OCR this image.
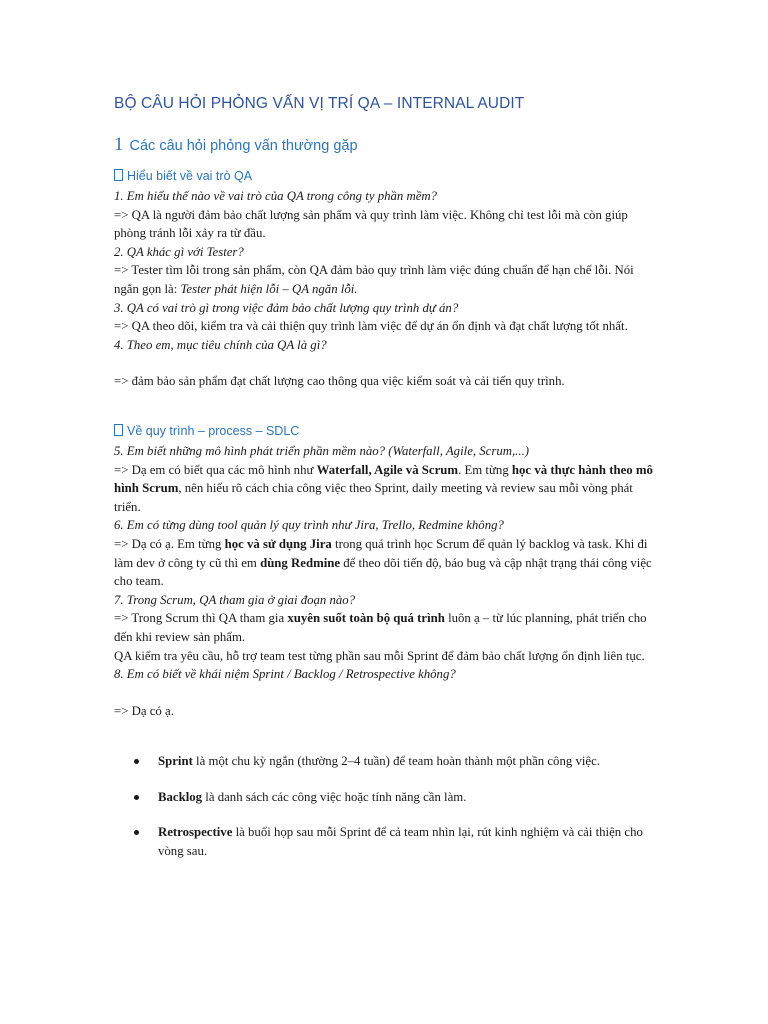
BỘ CÂU HỎI PHỎNG VẤN VỊ TRÍ QA – INTERNAL AUDIT
1 Các câu hỏi phỏng vấn thường gặp
Hiểu biết về vai trò QA

1. Em hiểu thế nào về vai trò của QA trong công ty phần mềm?

=> QA là người đảm bảo chất lượng sản phẩm và quy trình làm việc. Không chỉ test lỗi mà còn giúp phòng tránh lỗi xảy ra từ đầu.

2. QA khác gì với Tester?

=> Tester tìm lỗi trong sản phẩm, còn QA đảm bảo quy trình làm việc đúng chuẩn để hạn chế lỗi. Nói ngắn gọn là: Tester phát hiện lỗi – QA ngăn lỗi.

3. QA có vai trò gì trong việc đảm bảo chất lượng quy trình dự án?

=> QA theo dõi, kiểm tra và cải thiện quy trình làm việc để dự án ổn định và đạt chất lượng tốt nhất.

4. Theo em, mục tiêu chính của QA là gì?

=> đảm bảo sản phẩm đạt chất lượng cao thông qua việc kiểm soát và cải tiến quy trình.

Về quy trình – process – SDLC

5. Em biết những mô hình phát triển phần mềm nào? (Waterfall, Agile, Scrum,...)

=> Dạ em có biết qua các mô hình như Waterfall, Agile và Scrum. Em từng học và thực hành theo mô hình Scrum, nên hiểu rõ cách chia công việc theo Sprint, daily meeting và review sau mỗi vòng phát triển.

6. Em có từng dùng tool quản lý quy trình như Jira, Trello, Redmine không?

=> Dạ có ạ. Em từng học và sử dụng Jira trong quá trình học Scrum để quản lý backlog và task. Khi đi làm dev ở công ty cũ thì em dùng Redmine để theo dõi tiến độ, báo bug và cập nhật trạng thái công việc cho team.

7. Trong Scrum, QA tham gia ở giai đoạn nào?

=> Trong Scrum thì QA tham gia xuyên suốt toàn bộ quá trình luôn ạ – từ lúc planning, phát triển cho đến khi review sản phẩm.

QA kiểm tra yêu cầu, hỗ trợ team test từng phần sau mỗi Sprint để đảm bảo chất lượng ổn định liên tục.

8. Em có biết về khái niệm Sprint / Backlog / Retrospective không?

=> Dạ có ạ.

Sprint là một chu kỳ ngắn (thường 2–4 tuần) để team hoàn thành một phần công việc.
Backlog là danh sách các công việc hoặc tính năng cần làm.
Retrospective là buổi họp sau mỗi Sprint để cả team nhìn lại, rút kinh nghiệm và cải thiện cho vòng sau.
